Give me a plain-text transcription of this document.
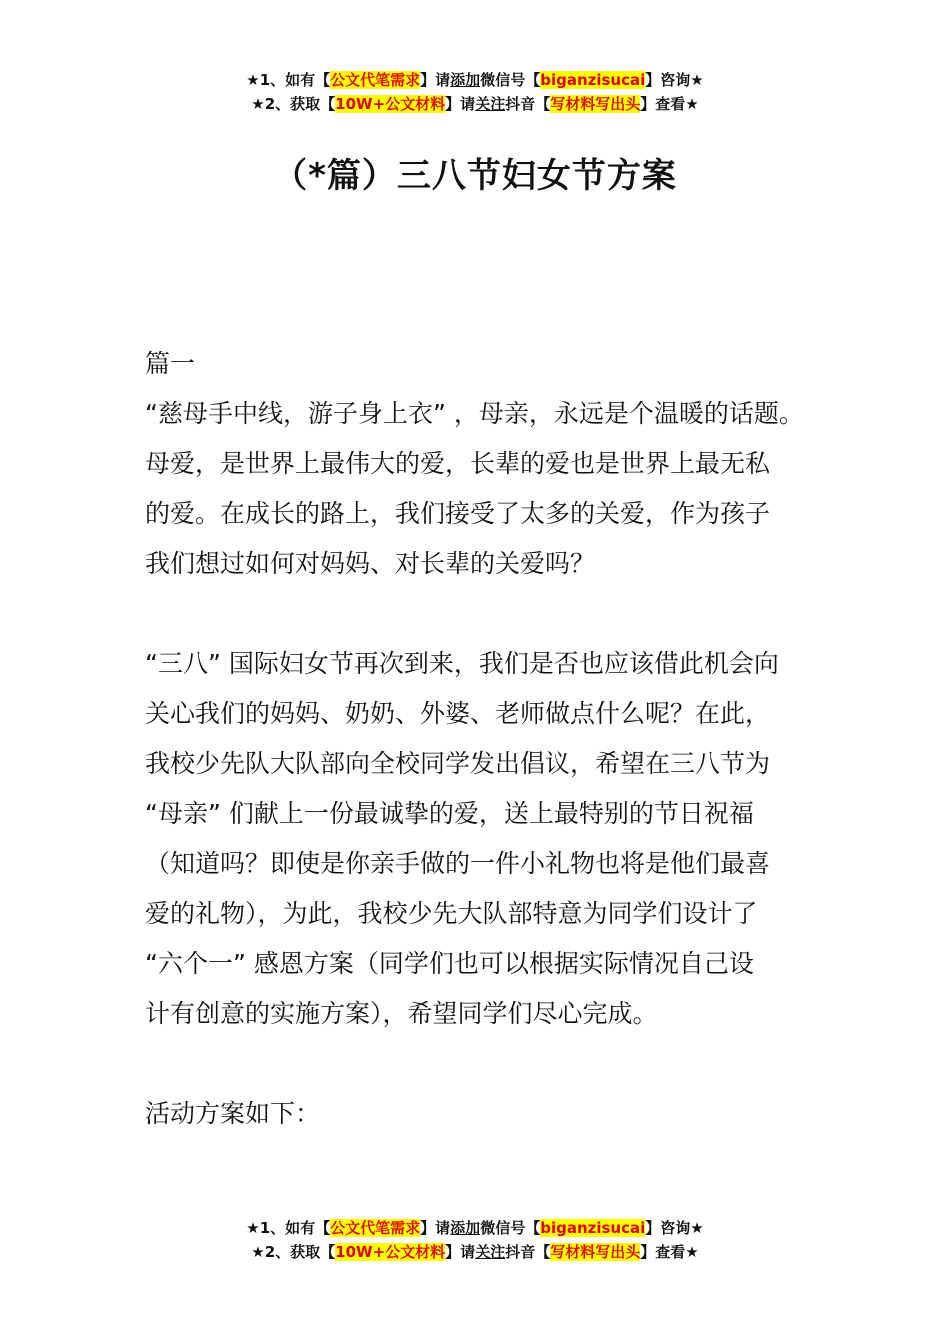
★1、如有【公文代笔需求】请添加微信号【biganzisucai】咨询★
★2、获取【10W+公文材料】请关注抖音【写材料写出头】查看★
（*篇）三八节妇女节方案
篇一
“慈母手中线，游子身上衣” ，母亲，永远是个温暖的话题。
母爱，是世界上最伟大的爱，长辈的爱也是世界上最无私
的爱。在成长的路上，我们接受了太多的关爱，作为孩子
我们想过如何对妈妈、对长辈的关爱吗？
“三八” 国际妇女节再次到来，我们是否也应该借此机会向
关心我们的妈妈、奶奶、外婆、老师做点什么呢？在此，
我校少先队大队部向全校同学发出倡议，希望在三八节为
“母亲” 们献上一份最诚挚的爱，送上最特别的节日祝福
（知道吗？即使是你亲手做的一件小礼物也将是他们最喜
爱的礼物），为此，我校少先大队部特意为同学们设计了
“六个一” 感恩方案（同学们也可以根据实际情况自己设
计有创意的实施方案），希望同学们尽心完成。
活动方案如下：
★1、如有【公文代笔需求】请添加微信号【biganzisucai】咨询★
★2、获取【10W+公文材料】请关注抖音【写材料写出头】查看★
